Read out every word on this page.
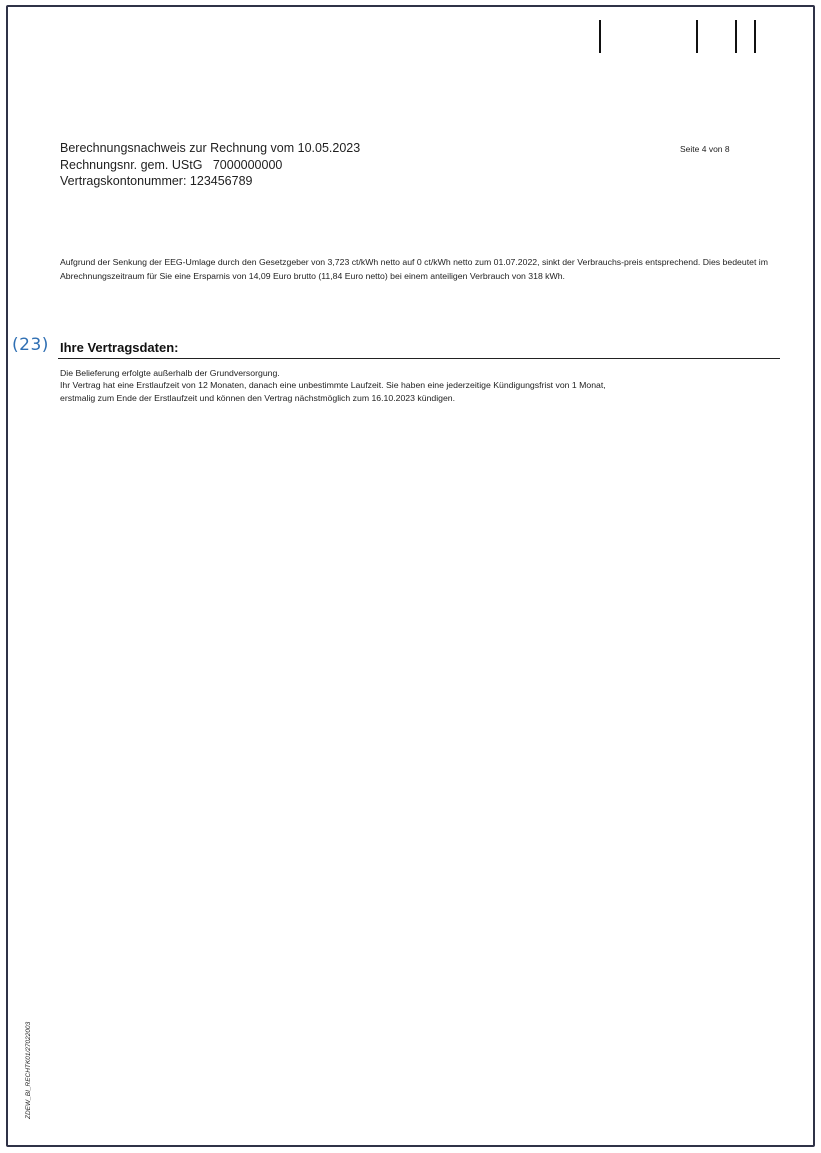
Berechnungsnachweis zur Rechnung vom 10.05.2023
Rechnungsnr. gem. UStG   7000000000
Vertragskontonummer: 123456789
Seite 4 von 8

Aufgrund der Senkung der EEG-Umlage durch den Gesetzgeber von 3,723 ct/kWh netto auf 0 ct/kWh netto zum 01.07.2022, sinkt der Verbrauchs-preis entsprechend. Dies bedeutet im Abrechnungszeitraum für Sie eine Ersparnis von 14,09 Euro brutto (11,84 Euro netto) bei einem anteiligen Verbrauch von 318 kWh.

(23) Ihre Vertragsdaten:
Die Belieferung erfolgte außerhalb der Grundversorgung.
Ihr Vertrag hat eine Erstlaufzeit von 12 Monaten, danach eine unbestimmte Laufzeit. Sie haben eine jederzeitige Kündigungsfrist von 1 Monat,
erstmalig zum Ende der Erstlaufzeit und können den Vertrag nächstmöglich zum 16.10.2023 kündigen.
ZDEW_BI_RECHTK01/27022003
